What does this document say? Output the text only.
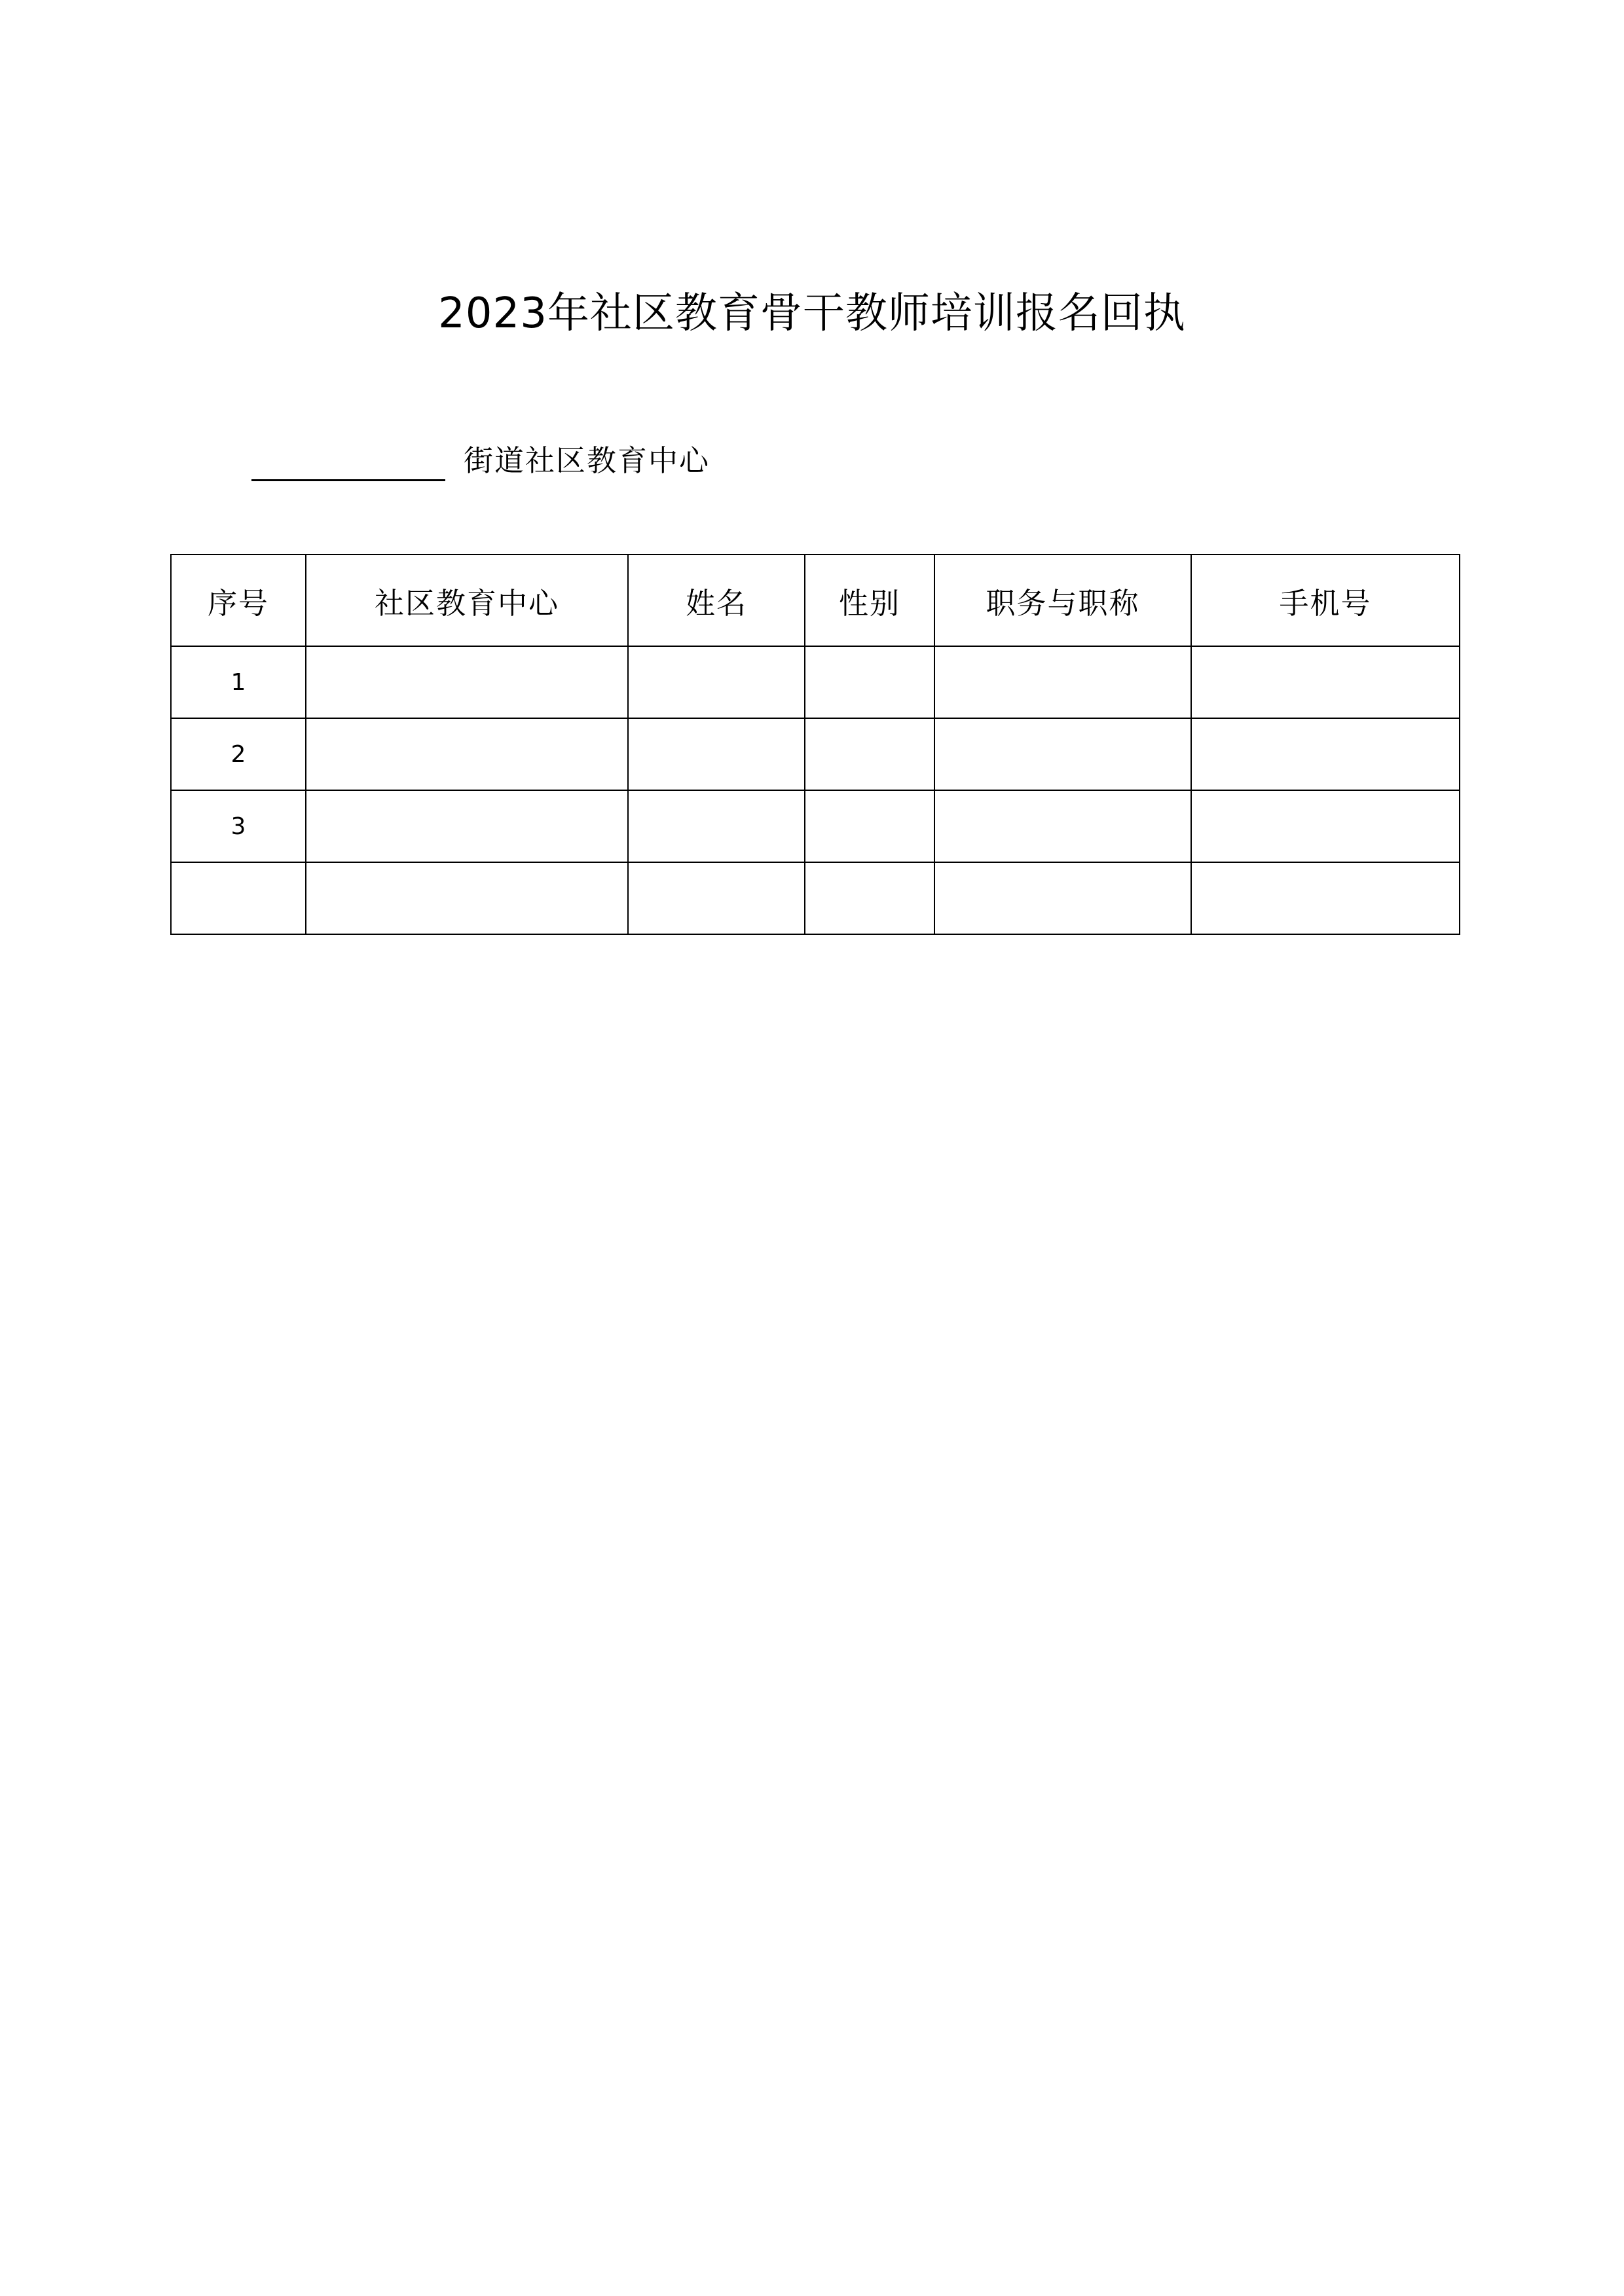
2023年社区教育骨干教师培训报名回执
街道社区教育中心
序号	社区教育中心	姓名	性别	职务与职称	手机号
1					
2					
3					
